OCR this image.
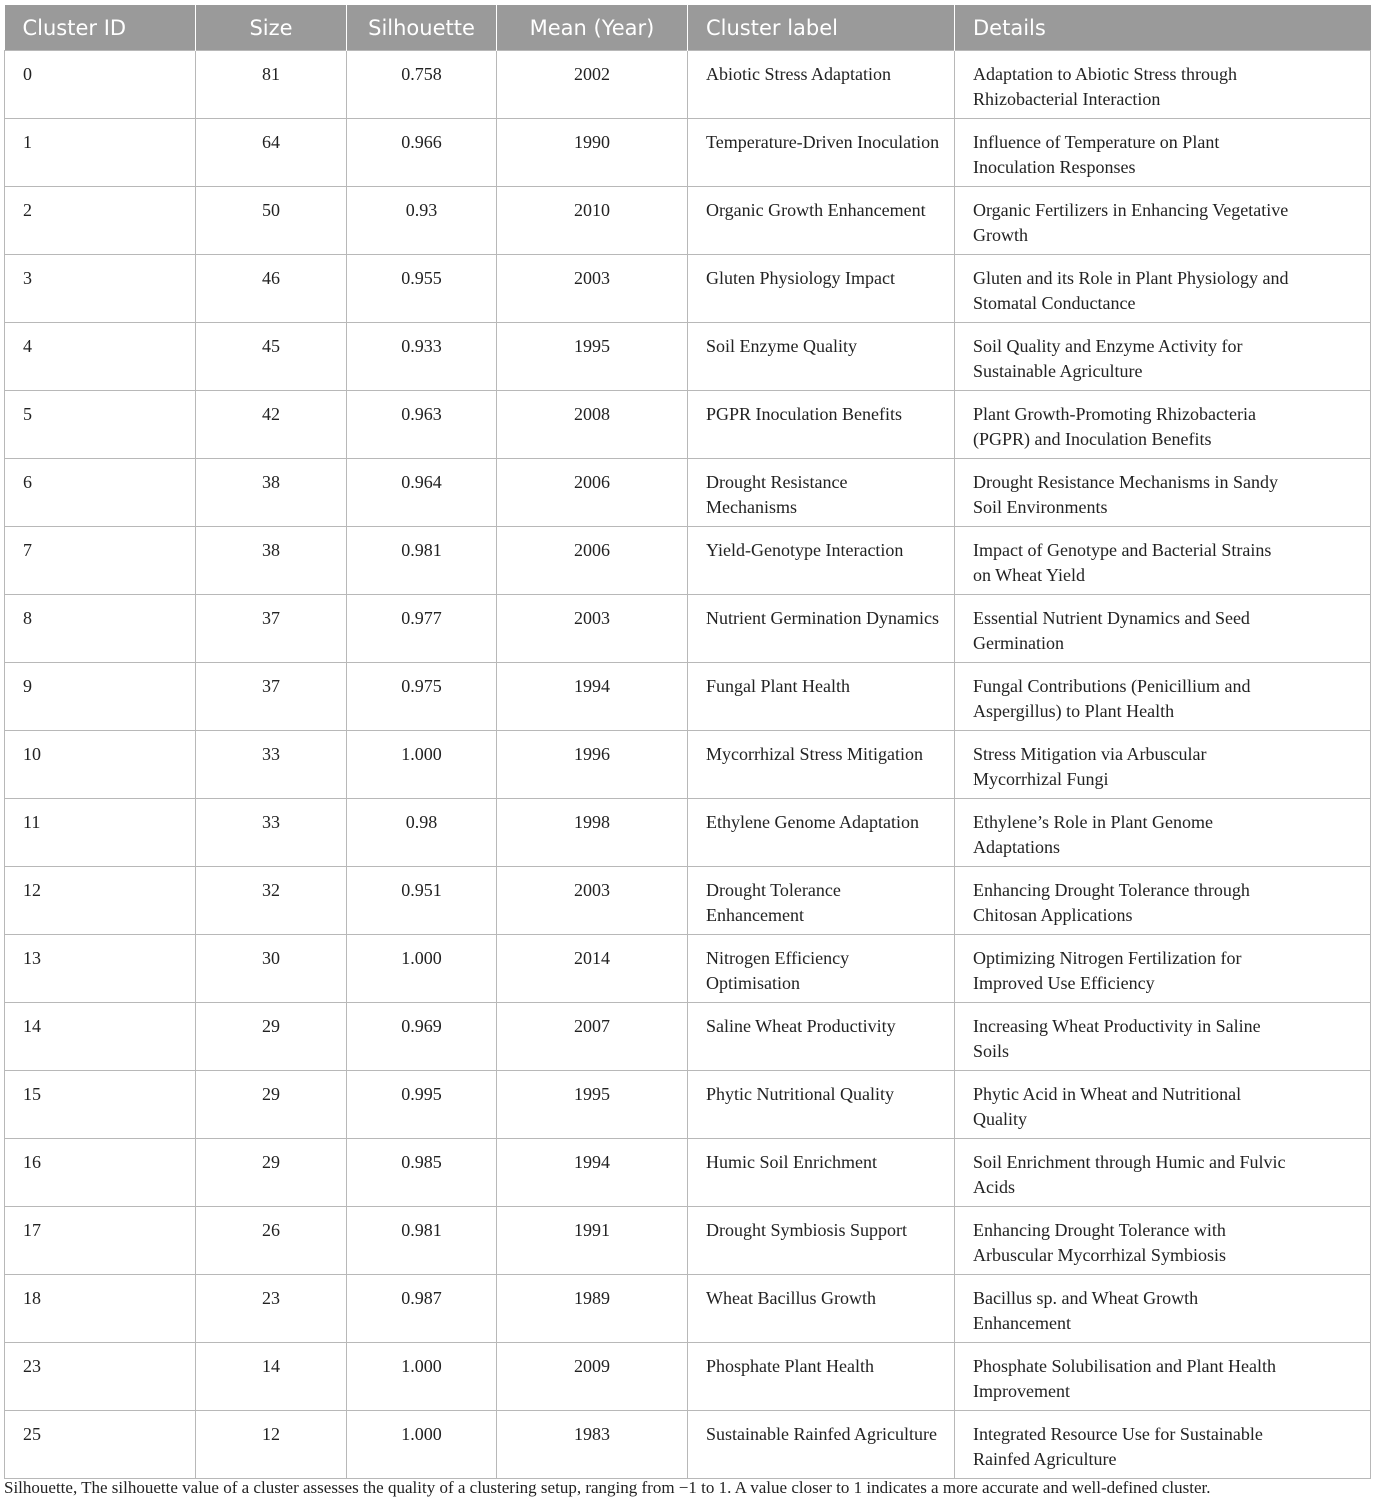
Cluster ID	Size	Silhouette	Mean (Year)	Cluster label	Details
0	81	0.758	2002	Abiotic Stress Adaptation	Adaptation to Abiotic Stress through Rhizobacterial Interaction
1	64	0.966	1990	Temperature-Driven Inoculation	Influence of Temperature on Plant Inoculation Responses
2	50	0.93	2010	Organic Growth Enhancement	Organic Fertilizers in Enhancing Vegetative Growth
3	46	0.955	2003	Gluten Physiology Impact	Gluten and its Role in Plant Physiology and Stomatal Conductance
4	45	0.933	1995	Soil Enzyme Quality	Soil Quality and Enzyme Activity for Sustainable Agriculture
5	42	0.963	2008	PGPR Inoculation Benefits	Plant Growth-Promoting Rhizobacteria (PGPR) and Inoculation Benefits
6	38	0.964	2006	Drought Resistance Mechanisms	Drought Resistance Mechanisms in Sandy Soil Environments
7	38	0.981	2006	Yield-Genotype Interaction	Impact of Genotype and Bacterial Strains on Wheat Yield
8	37	0.977	2003	Nutrient Germination Dynamics	Essential Nutrient Dynamics and Seed Germination
9	37	0.975	1994	Fungal Plant Health	Fungal Contributions (Penicillium and Aspergillus) to Plant Health
10	33	1.000	1996	Mycorrhizal Stress Mitigation	Stress Mitigation via Arbuscular Mycorrhizal Fungi
11	33	0.98	1998	Ethylene Genome Adaptation	Ethylene’s Role in Plant Genome Adaptations
12	32	0.951	2003	Drought Tolerance Enhancement	Enhancing Drought Tolerance through Chitosan Applications
13	30	1.000	2014	Nitrogen Efficiency Optimisation	Optimizing Nitrogen Fertilization for Improved Use Efficiency
14	29	0.969	2007	Saline Wheat Productivity	Increasing Wheat Productivity in Saline Soils
15	29	0.995	1995	Phytic Nutritional Quality	Phytic Acid in Wheat and Nutritional Quality
16	29	0.985	1994	Humic Soil Enrichment	Soil Enrichment through Humic and Fulvic Acids
17	26	0.981	1991	Drought Symbiosis Support	Enhancing Drought Tolerance with Arbuscular Mycorrhizal Symbiosis
18	23	0.987	1989	Wheat Bacillus Growth	Bacillus sp. and Wheat Growth Enhancement
23	14	1.000	2009	Phosphate Plant Health	Phosphate Solubilisation and Plant Health Improvement
25	12	1.000	1983	Sustainable Rainfed Agriculture	Integrated Resource Use for Sustainable Rainfed Agriculture
Silhouette, The silhouette value of a cluster assesses the quality of a clustering setup, ranging from −1 to 1. A value closer to 1 indicates a more accurate and well-defined cluster.
